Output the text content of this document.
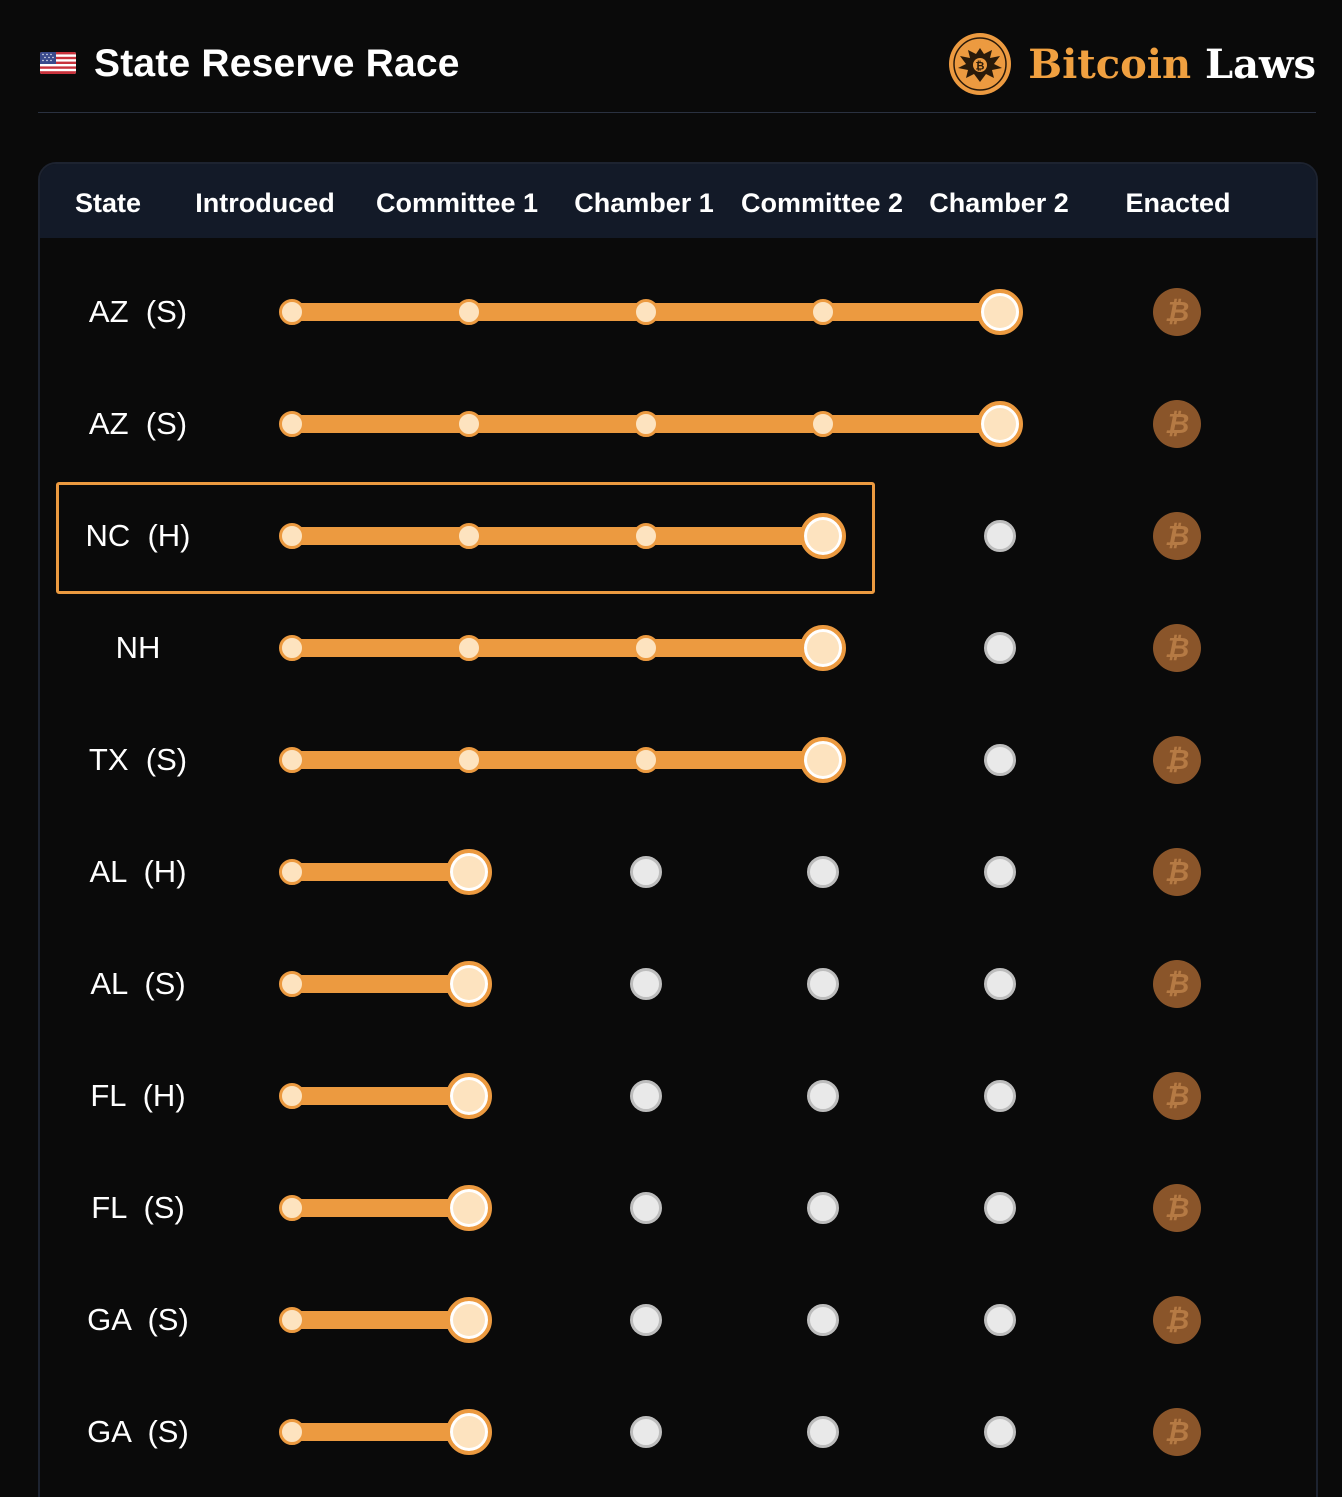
State Reserve Race	₿ Bitcoin Laws
State Introduced Committee 1 Chamber 1 Committee 2 Chamber 2 Enacted
AZ  (S)	₿
AZ  (S)	₿
NC  (H)	₿
NH	₿
TX  (S)	₿
AL  (H)	₿
AL  (S)	₿
FL  (H)	₿
FL  (S)	₿
GA  (S)	₿
GA  (S)	₿
